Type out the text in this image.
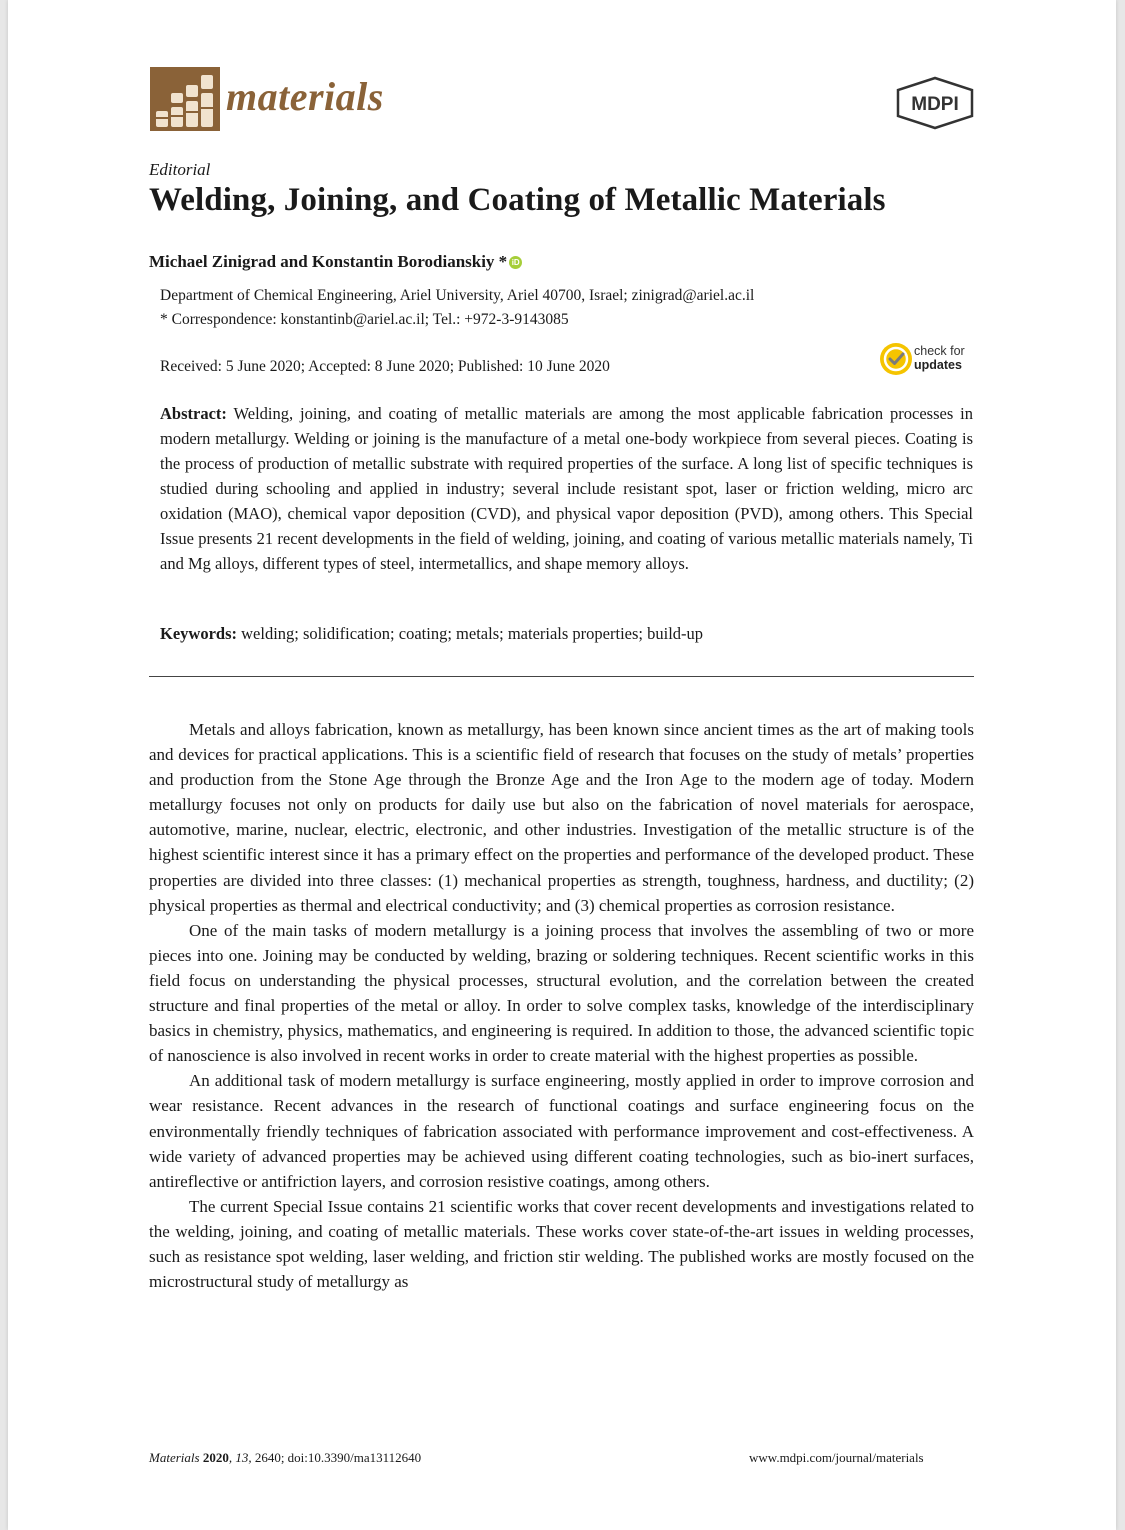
materials	MDPI
Editorial
Welding, Joining, and Coating of Metallic Materials
Michael Zinigrad and Konstantin Borodianskiy * iD
Department of Chemical Engineering, Ariel University, Ariel 40700, Israel; zinigrad@ariel.ac.il
* Correspondence: konstantinb@ariel.ac.il; Tel.: +972-3-9143085
Received: 5 June 2020; Accepted: 8 June 2020; Published: 10 June 2020
check for
updates
Abstract: Welding, joining, and coating of metallic materials are among the most applicable fabrication processes in modern metallurgy. Welding or joining is the manufacture of a metal one-body workpiece from several pieces. Coating is the process of production of metallic substrate with required properties of the surface. A long list of specific techniques is studied during schooling and applied in industry; several include resistant spot, laser or friction welding, micro arc oxidation (MAO), chemical vapor deposition (CVD), and physical vapor deposition (PVD), among others. This Special Issue presents 21 recent developments in the field of welding, joining, and coating of various metallic materials namely, Ti and Mg alloys, different types of steel, intermetallics, and shape memory alloys.
Keywords: welding; solidification; coating; metals; materials properties; build-up

Metals and alloys fabrication, known as metallurgy, has been known since ancient times as the art of making tools and devices for practical applications. This is a scientific field of research that focuses on the study of metals’ properties and production from the Stone Age through the Bronze Age and the Iron Age to the modern age of today. Modern metallurgy focuses not only on products for daily use but also on the fabrication of novel materials for aerospace, automotive, marine, nuclear, electric, electronic, and other industries. Investigation of the metallic structure is of the highest scientific interest since it has a primary effect on the properties and performance of the developed product. These properties are divided into three classes: (1) mechanical properties as strength, toughness, hardness, and ductility; (2) physical properties as thermal and electrical conductivity; and (3) chemical properties as corrosion resistance.

One of the main tasks of modern metallurgy is a joining process that involves the assembling of two or more pieces into one. Joining may be conducted by welding, brazing or soldering techniques. Recent scientific works in this field focus on understanding the physical processes, structural evolution, and the correlation between the created structure and final properties of the metal or alloy. In order to solve complex tasks, knowledge of the interdisciplinary basics in chemistry, physics, mathematics, and engineering is required. In addition to those, the advanced scientific topic of nanoscience is also involved in recent works in order to create material with the highest properties as possible.

An additional task of modern metallurgy is surface engineering, mostly applied in order to improve corrosion and wear resistance. Recent advances in the research of functional coatings and surface engineering focus on the environmentally friendly techniques of fabrication associated with performance improvement and cost-effectiveness. A wide variety of advanced properties may be achieved using different coating technologies, such as bio-inert surfaces, antireflective or antifriction layers, and corrosion resistive coatings, among others.

The current Special Issue contains 21 scientific works that cover recent developments and investigations related to the welding, joining, and coating of metallic materials. These works cover state-of-the-art issues in welding processes, such as resistance spot welding, laser welding, and friction stir welding. The published works are mostly focused on the microstructural study of metallurgy as

Materials 2020, 13, 2640; doi:10.3390/ma13112640	www.mdpi.com/journal/materials
